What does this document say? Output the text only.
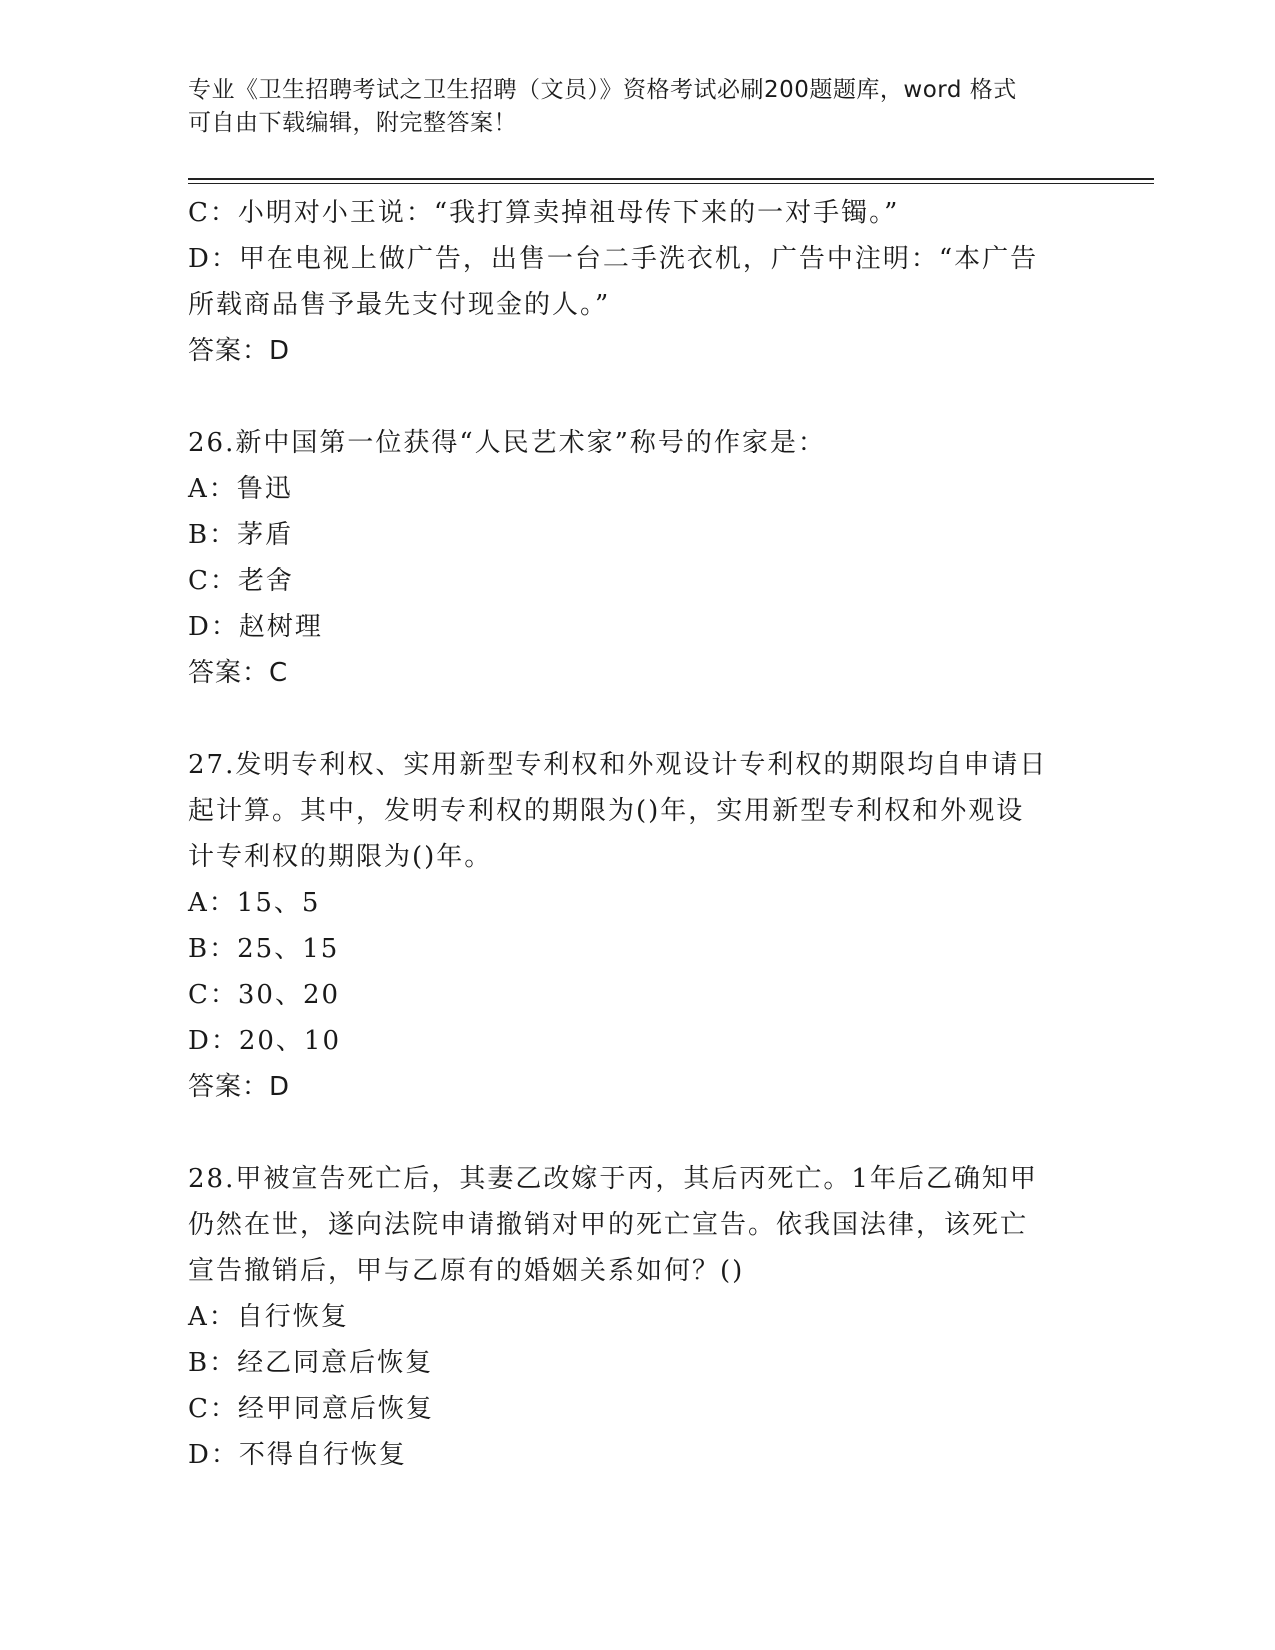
专业《卫生招聘考试之卫生招聘（文员）》资格考试必刷200题题库，word 格式
可自由下载编辑，附完整答案！
C：小明对小王说：“我打算卖掉祖母传下来的一对手镯。”
D：甲在电视上做广告，出售一台二手洗衣机，广告中注明：“本广告
所载商品售予最先支付现金的人。”
答案：D
26.新中国第一位获得“人民艺术家”称号的作家是：
A：鲁迅
B：茅盾
C：老舍
D：赵树理
答案：C
27.发明专利权、实用新型专利权和外观设计专利权的期限均自申请日
起计算。其中，发明专利权的期限为()年，实用新型专利权和外观设
计专利权的期限为()年。
A：15、5
B：25、15
C：30、20
D：20、10
答案：D
28.甲被宣告死亡后，其妻乙改嫁于丙，其后丙死亡。1年后乙确知甲
仍然在世，遂向法院申请撤销对甲的死亡宣告。依我国法律，该死亡
宣告撤销后，甲与乙原有的婚姻关系如何？()
A：自行恢复
B：经乙同意后恢复
C：经甲同意后恢复
D：不得自行恢复
